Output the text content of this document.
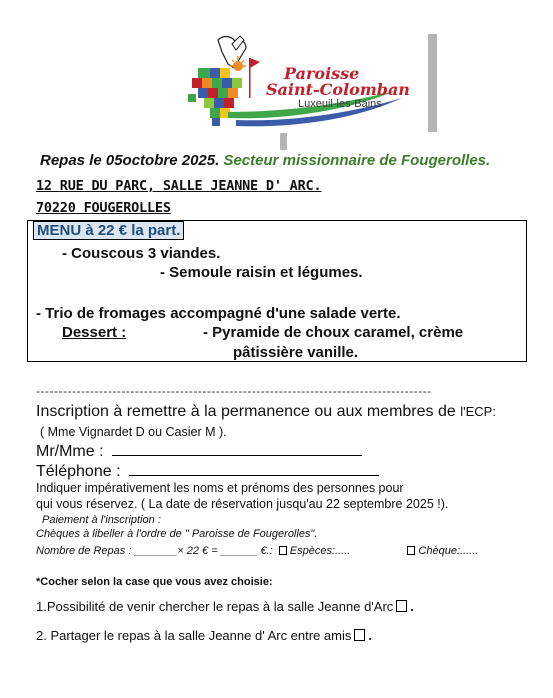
Paroisse
Saint-Colomban
Luxeuil-les-Bains
Repas le 05octobre 2025. Secteur missionnaire de Fougerolles.
12 RUE DU PARC, SALLE JEANNE D' ARC.
70220 FOUGEROLLES
MENU à 22 € la part.
- Couscous 3 viandes.
- Semoule raisin et légumes.
- Trio de fromages accompagné d'une salade verte.
Dessert :	- Pyramide de choux caramel, crème
pâtissière vanille.
----------------------------------------------------------------------------------------
Inscription à remettre à la permanence ou aux membres de l'ECP:
( Mme Vignardet D ou Casier M ).
Mr/Mme :
Téléphone :
Indiquer impérativement les noms et prénoms des personnes pour
qui vous réservez. ( La date de réservation jusqu'au 22 septembre 2025 !).
Paiement à l'inscription :
Chèques à libeller à l'ordre de " Paroisse de Fougerolles".
Nombre de Repas : _______× 22 € = ______ €.: Espèces:.....	Chèque:......
*Cocher selon la case que vous avez choisie:
1.Possibilité de venir chercher le repas à la salle Jeanne d'Arc .
2. Partager le repas à la salle Jeanne d' Arc entre amis .
